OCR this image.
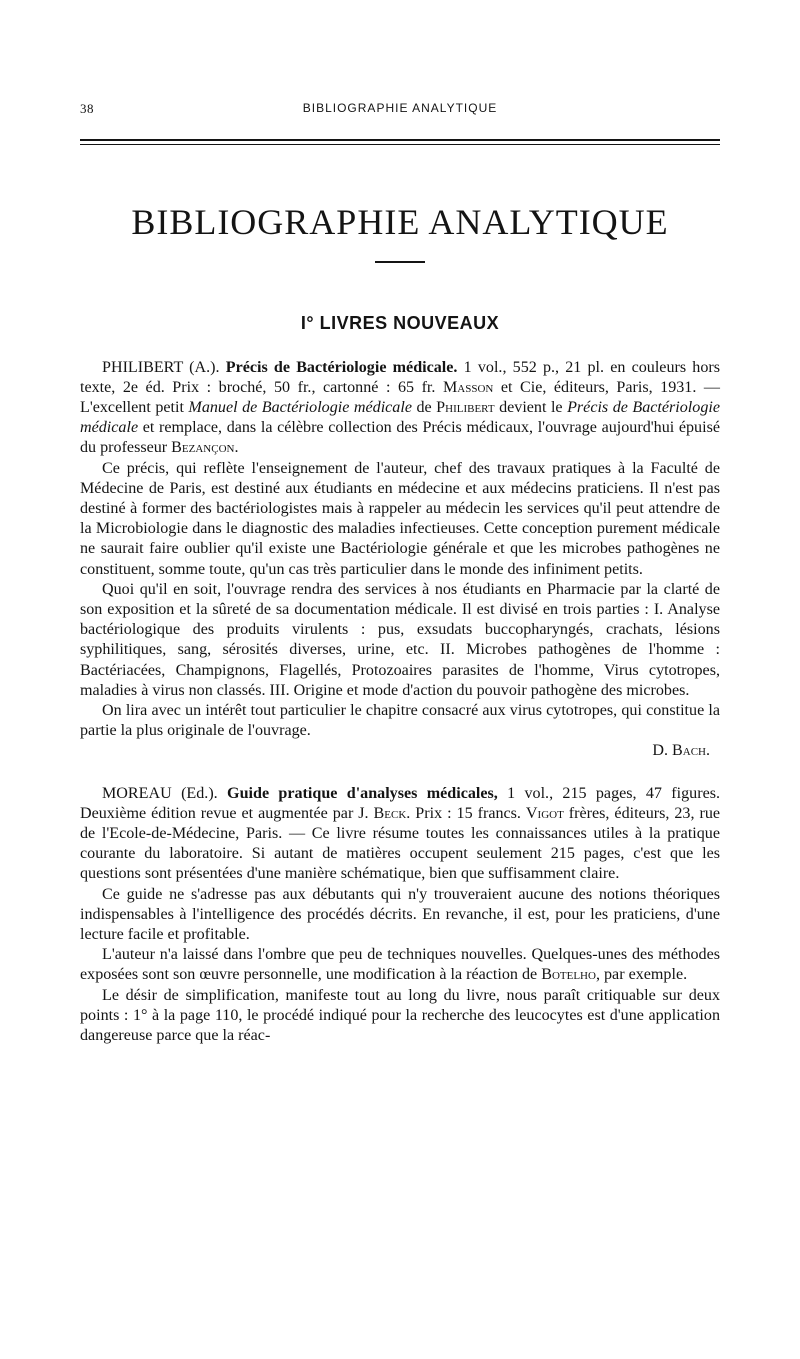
38	BIBLIOGRAPHIE ANALYTIQUE
BIBLIOGRAPHIE ANALYTIQUE
I° LIVRES NOUVEAUX

PHILIBERT (A.). Précis de Bactériologie médicale. 1 vol., 552 p., 21 pl. en couleurs hors texte, 2e éd. Prix : broché, 50 fr., cartonné : 65 fr. Masson et Cie, éditeurs, Paris, 1931. — L'excellent petit Manuel de Bactériologie médicale de Philibert devient le Précis de Bactériologie médicale et remplace, dans la célèbre collection des Précis médicaux, l'ouvrage aujourd'hui épuisé du professeur Bezançon.

Ce précis, qui reflète l'enseignement de l'auteur, chef des travaux pratiques à la Faculté de Médecine de Paris, est destiné aux étudiants en médecine et aux médecins praticiens. Il n'est pas destiné à former des bactériologistes mais à rappeler au médecin les services qu'il peut attendre de la Microbiologie dans le diagnostic des maladies infectieuses. Cette conception purement médicale ne saurait faire oublier qu'il existe une Bactériologie générale et que les microbes pathogènes ne constituent, somme toute, qu'un cas très particulier dans le monde des infiniment petits.

Quoi qu'il en soit, l'ouvrage rendra des services à nos étudiants en Pharmacie par la clarté de son exposition et la sûreté de sa documentation médicale. Il est divisé en trois parties : I. Analyse bactériologique des produits virulents : pus, exsudats buccopharyngés, crachats, lésions syphilitiques, sang, sérosités diverses, urine, etc. II. Microbes pathogènes de l'homme : Bactériacées, Champignons, Flagellés, Protozoaires parasites de l'homme, Virus cytotropes, maladies à virus non classés. III. Origine et mode d'action du pouvoir pathogène des microbes.

On lira avec un intérêt tout particulier le chapitre consacré aux virus cytotropes, qui constitue la partie la plus originale de l'ouvrage.

D. Bach.

MOREAU (Ed.). Guide pratique d'analyses médicales, 1 vol., 215 pages, 47 figures. Deuxième édition revue et augmentée par J. Beck. Prix : 15 francs. Vigot frères, éditeurs, 23, rue de l'Ecole-de-Médecine, Paris. — Ce livre résume toutes les connaissances utiles à la pratique courante du laboratoire. Si autant de matières occupent seulement 215 pages, c'est que les questions sont présentées d'une manière schématique, bien que suffisamment claire.

Ce guide ne s'adresse pas aux débutants qui n'y trouveraient aucune des notions théoriques indispensables à l'intelligence des procédés décrits. En revanche, il est, pour les praticiens, d'une lecture facile et profitable.

L'auteur n'a laissé dans l'ombre que peu de techniques nouvelles. Quelques-unes des méthodes exposées sont son œuvre personnelle, une modification à la réaction de Botelho, par exemple.

Le désir de simplification, manifeste tout au long du livre, nous paraît critiquable sur deux points : 1° à la page 110, le procédé indiqué pour la recherche des leucocytes est d'une application dangereuse parce que la réac-
